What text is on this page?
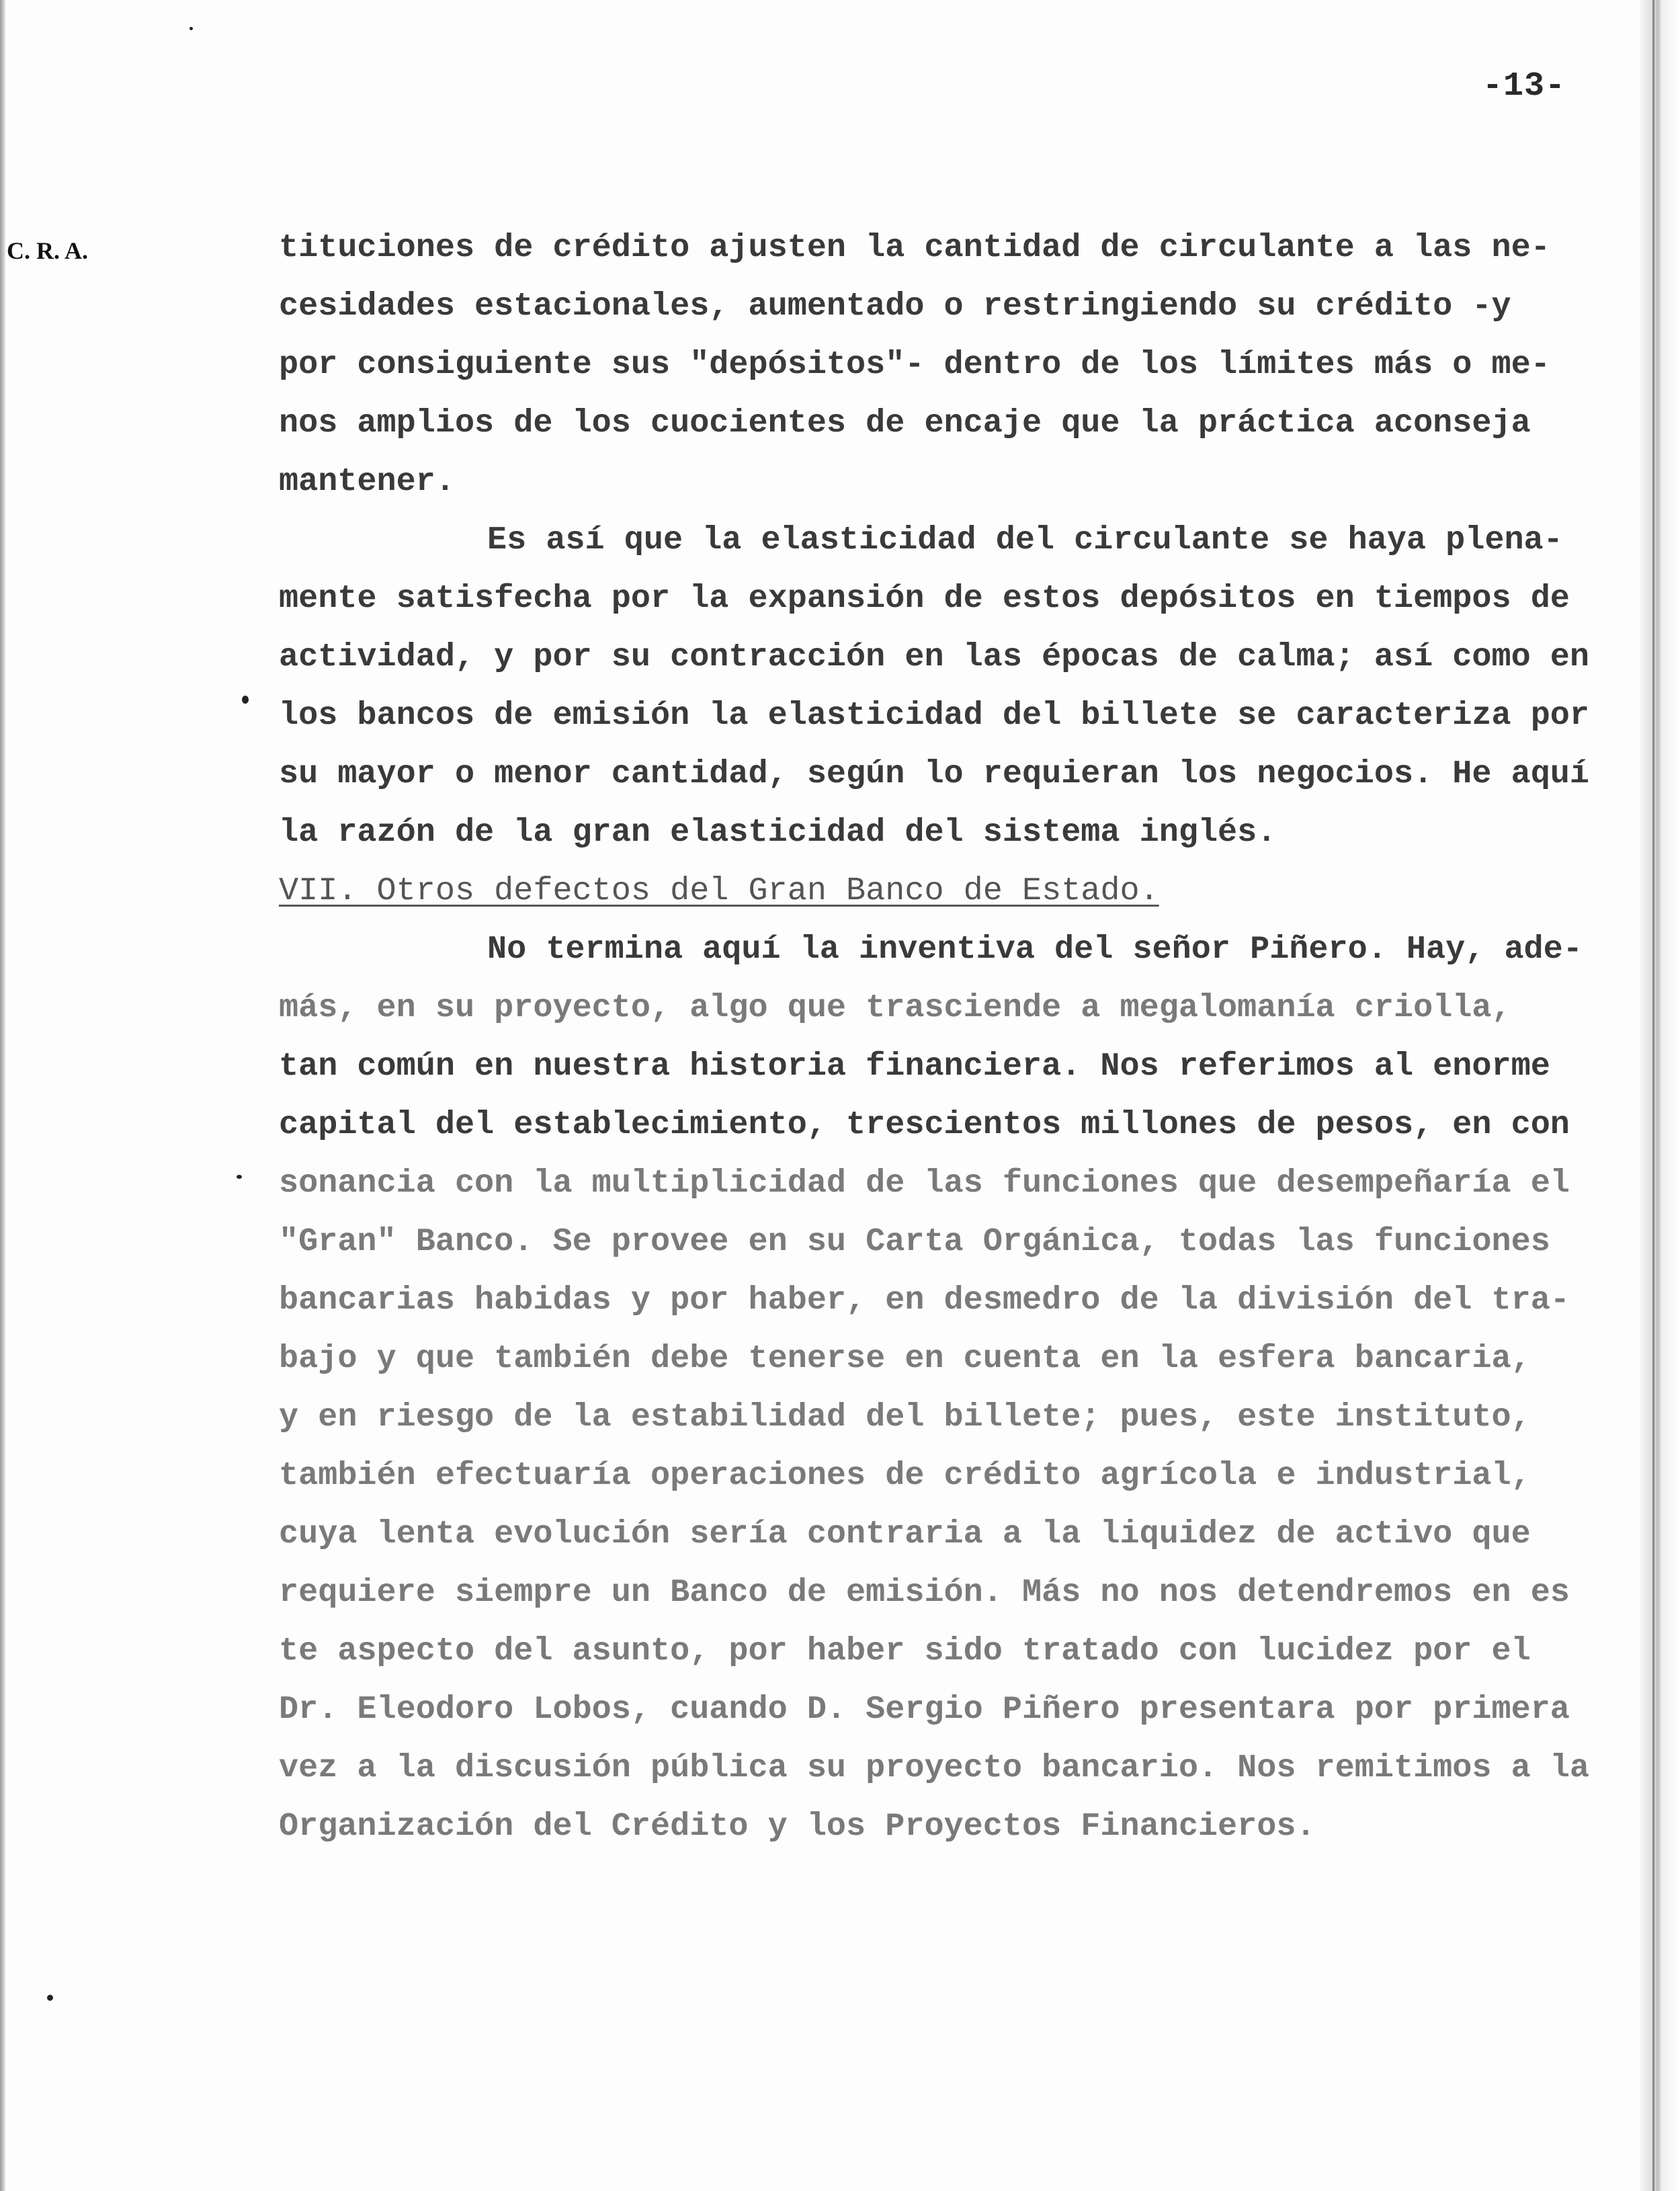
-13-
C. R. A.	tituciones de crédito ajusten la cantidad de circulante a las ne-
cesidades estacionales, aumentado o restringiendo su crédito -y
por consiguiente sus "depósitos"- dentro de los límites más o me-
nos amplios de los cuocientes de encaje que la práctica aconseja
mantener.
Es así que la elasticidad del circulante se haya plena-
mente satisfecha por la expansión de estos depósitos en tiempos de
actividad, y por su contracción en las épocas de calma; así como en
los bancos de emisión la elasticidad del billete se caracteriza por
su mayor o menor cantidad, según lo requieran los negocios. He aquí
la razón de la gran elasticidad del sistema inglés.
VII. Otros defectos del Gran Banco de Estado.
No termina aquí la inventiva del señor Piñero. Hay, ade-
más, en su proyecto, algo que trasciende a megalomanía criolla,
tan común en nuestra historia financiera. Nos referimos al enorme
capital del establecimiento, trescientos millones de pesos, en con
sonancia con la multiplicidad de las funciones que desempeñaría el
"Gran" Banco. Se provee en su Carta Orgánica, todas las funciones
bancarias habidas y por haber, en desmedro de la división del tra-
bajo y que también debe tenerse en cuenta en la esfera bancaria,
y en riesgo de la estabilidad del billete; pues, este instituto,
también efectuaría operaciones de crédito agrícola e industrial,
cuya lenta evolución sería contraria a la liquidez de activo que
requiere siempre un Banco de emisión. Más no nos detendremos en es
te aspecto del asunto, por haber sido tratado con lucidez por el
Dr. Eleodoro Lobos, cuando D. Sergio Piñero presentara por primera
vez a la discusión pública su proyecto bancario. Nos remitimos a la
Organización del Crédito y los Proyectos Financieros.
